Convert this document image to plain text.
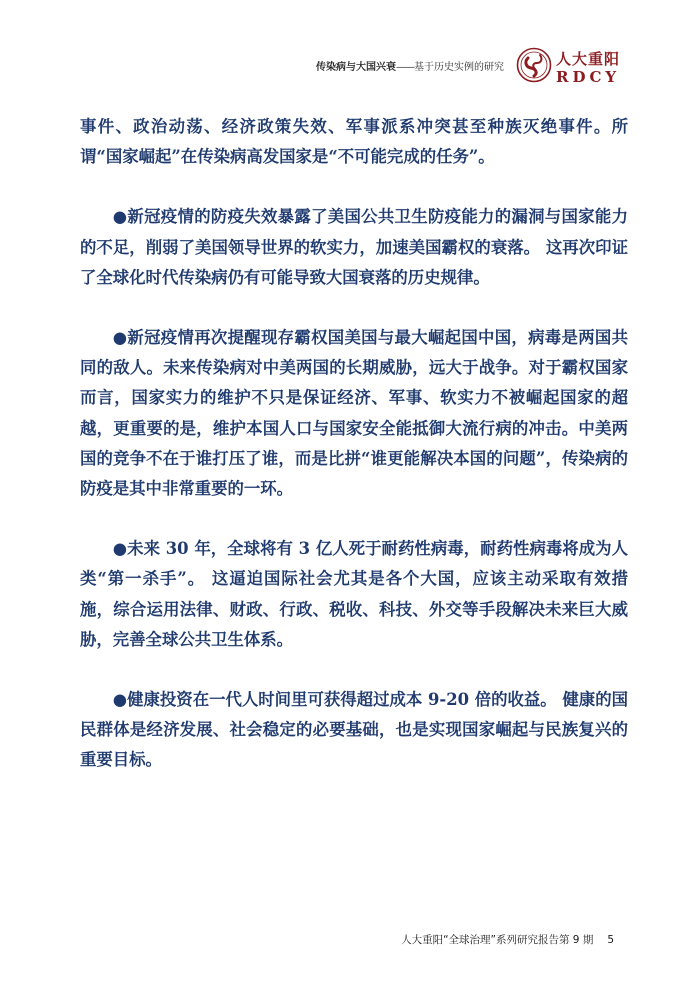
传染病与大国兴衰——基于历史实例的研究	人大重阳
RDCY

事件、政治动荡、经济政策失效、军事派系冲突甚至种族灭绝事件。所谓“国家崛起”在传染病高发国家是“不可能完成的任务”。

●新冠疫情的防疫失效暴露了美国公共卫生防疫能力的漏洞与国家能力的不足，削弱了美国领导世界的软实力，加速美国霸权的衰落。 这再次印证了全球化时代传染病仍有可能导致大国衰落的历史规律。

●新冠疫情再次提醒现存霸权国美国与最大崛起国中国，病毒是两国共同的敌人。未来传染病对中美两国的长期威胁，远大于战争。对于霸权国家而言，国家实力的维护不只是保证经济、军事、软实力不被崛起国家的超越，更重要的是，维护本国人口与国家安全能抵御大流行病的冲击。中美两国的竞争不在于谁打压了谁，而是比拼“谁更能解决本国的问题”，传染病的防疫是其中非常重要的一环。

●未来 30 年，全球将有 3 亿人死于耐药性病毒，耐药性病毒将成为人类“第一杀手”。 这逼迫国际社会尤其是各个大国，应该主动采取有效措施，综合运用法律、财政、行政、税收、科技、外交等手段解决未来巨大威胁，完善全球公共卫生体系。

●健康投资在一代人时间里可获得超过成本 9-20 倍的收益。 健康的国民群体是经济发展、社会稳定的必要基础，也是实现国家崛起与民族复兴的重要目标。

人大重阳“全球治理”系列研究报告第 9 期 5
